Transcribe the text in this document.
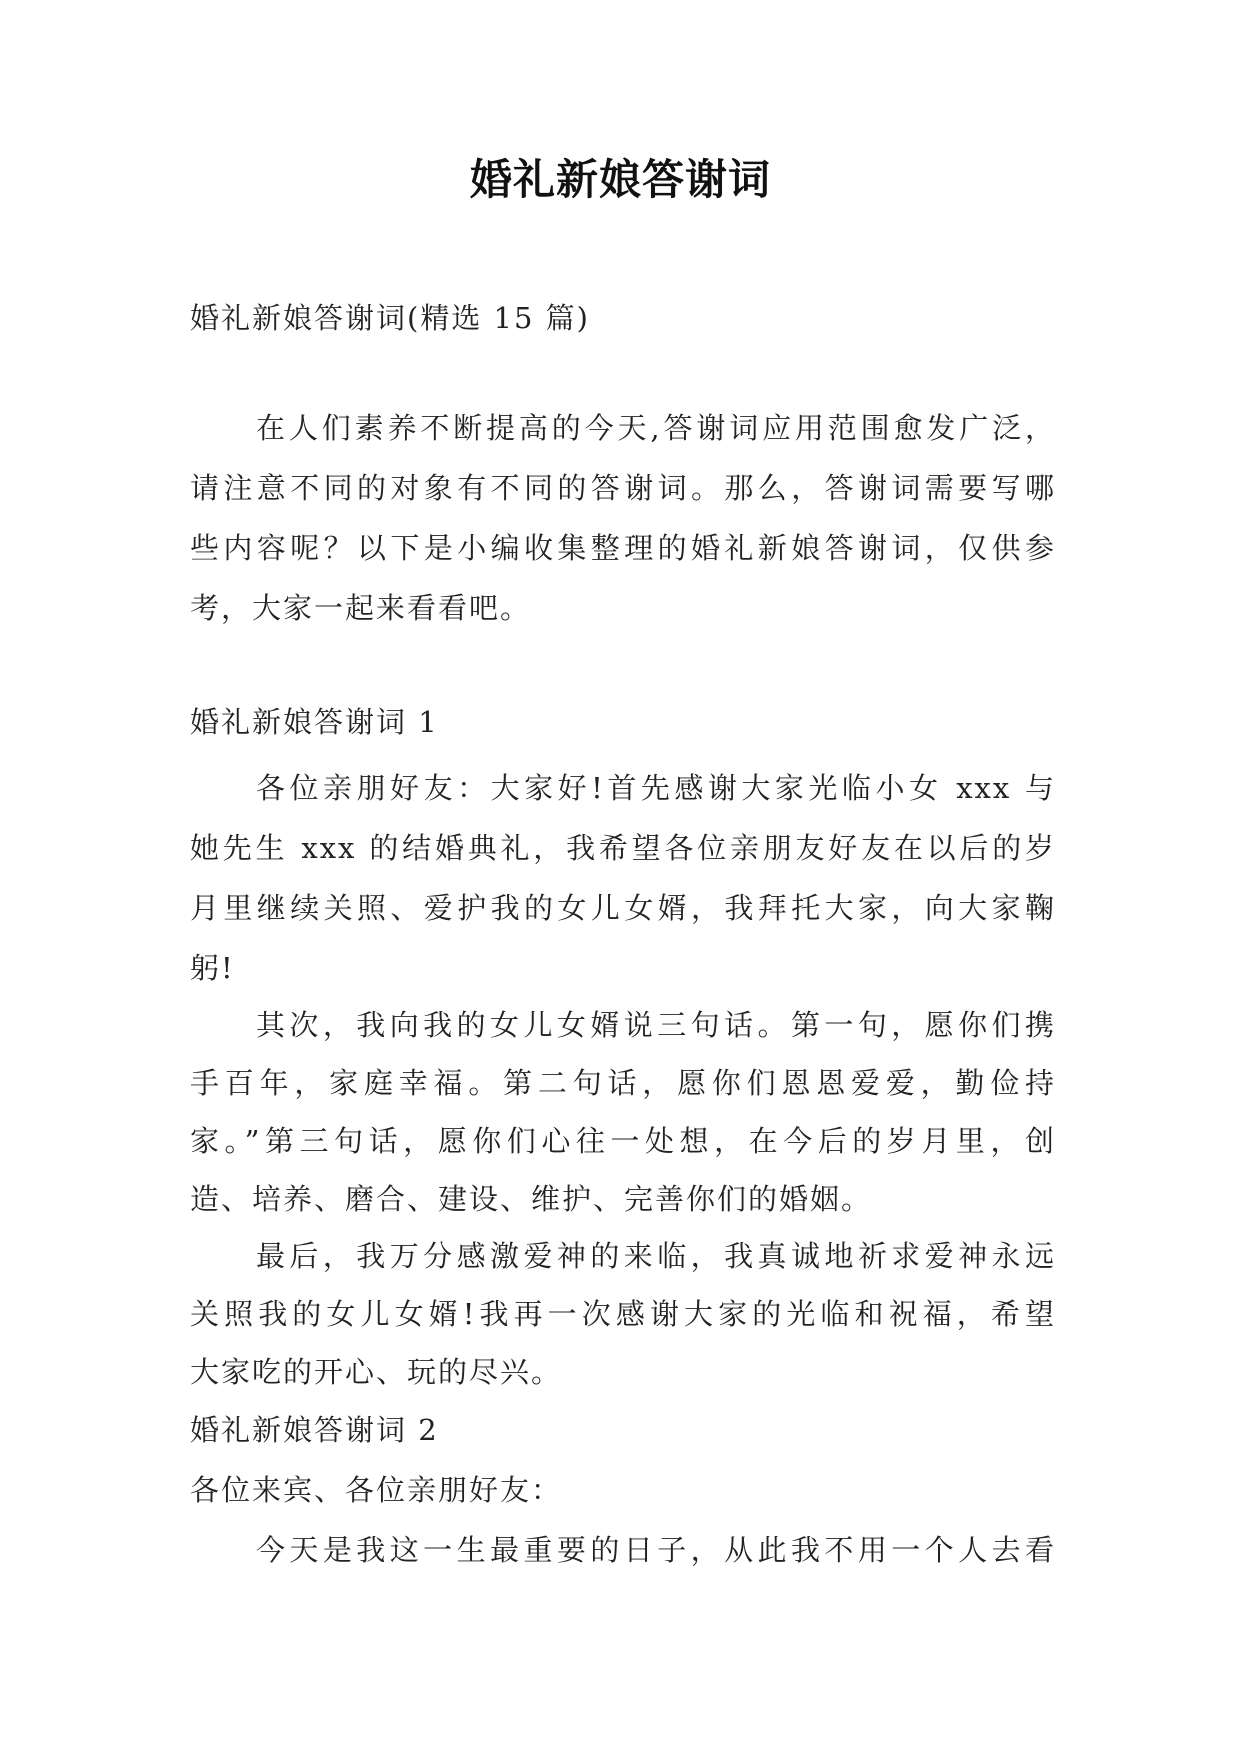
婚礼新娘答谢词

婚礼新娘答谢词(精选 15 篇)

在人们素养不断提高的今天,答谢词应用范围愈发广泛，

请注意不同的对象有不同的答谢词。那么，答谢词需要写哪

些内容呢？以下是小编收集整理的婚礼新娘答谢词，仅供参

考，大家一起来看看吧。

婚礼新娘答谢词 1

各位亲朋好友：大家好!首先感谢大家光临小女 xxx 与

她先生 xxx 的结婚典礼，我希望各位亲朋友好友在以后的岁

月里继续关照、爱护我的女儿女婿，我拜托大家，向大家鞠

躬!

其次，我向我的女儿女婿说三句话。第一句，愿你们携

手百年，家庭幸福。第二句话，愿你们恩恩爱爱，勤俭持

家。”第三句话，愿你们心往一处想，在今后的岁月里，创

造、培养、磨合、建设、维护、完善你们的婚姻。

最后，我万分感激爱神的来临，我真诚地祈求爱神永远

关照我的女儿女婿!我再一次感谢大家的光临和祝福，希望

大家吃的开心、玩的尽兴。

婚礼新娘答谢词 2

各位来宾、各位亲朋好友：

今天是我这一生最重要的日子，从此我不用一个人去看
